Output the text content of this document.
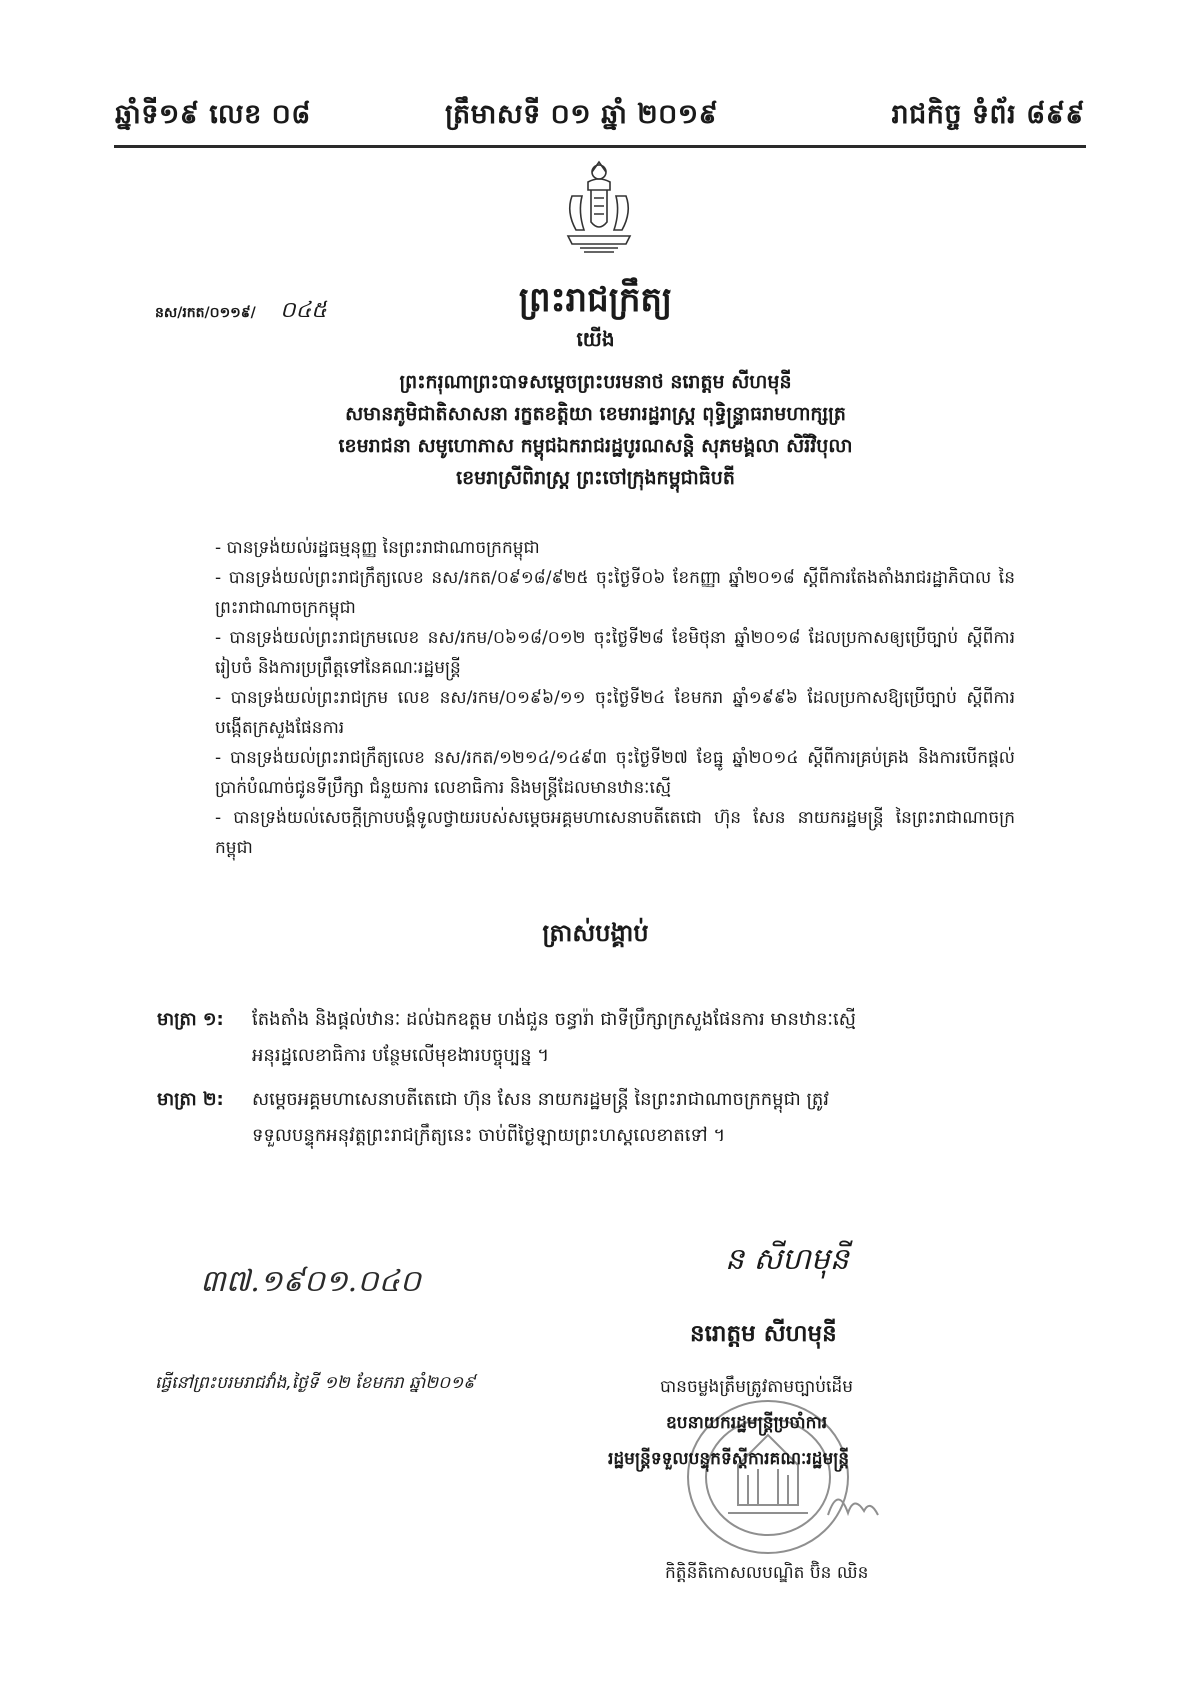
ឆ្នាំទី១៩ លេខ ០៨	ត្រឹមាសទី ០១ ឆ្នាំ ២០១៩	រាជកិច្ច ទំព័រ ៨៩៩
នស/រកត/០១១៩/ ០៤៥	ព្រះរាជក្រឹត្យ
យើង
ព្រះករុណាព្រះបាទសម្តេចព្រះបរមនាថ នរោត្តម សីហមុនី
សមានភូមិជាតិសាសនា រក្ខតខត្តិយា ខេមរារដ្ឋរាស្ត្រ ពុទ្ធិន្ទ្រាធរាមហាក្សត្រ
ខេមរាជនា សមូហោភាស កម្ពុជឯករាជរដ្ឋបូរណសន្តិ សុភមង្គលា សិរីវិបុលា
ខេមរាស្រីពិរាស្ត្រ ព្រះចៅក្រុងកម្ពុជាធិបតី

- បានទ្រង់យល់រដ្ឋធម្មនុញ្ញ នៃព្រះរាជាណាចក្រកម្ពុជា

- បានទ្រង់យល់ព្រះរាជក្រឹត្យលេខ នស/រកត/០៩១៨/៩២៥ ចុះថ្ងៃទី០៦ ខែកញ្ញា ឆ្នាំ២០១៨ ស្តីពីការតែងតាំងរាជរដ្ឋាភិបាល នៃព្រះរាជាណាចក្រកម្ពុជា

- បានទ្រង់យល់ព្រះរាជក្រមលេខ នស/រកម/០៦១៨/០១២ ចុះថ្ងៃទី២៨ ខែមិថុនា ឆ្នាំ២០១៨ ដែលប្រកាសឲ្យប្រើច្បាប់ ស្តីពីការរៀបចំ និងការប្រព្រឹត្តទៅនៃគណៈរដ្ឋមន្ត្រី

- បានទ្រង់យល់ព្រះរាជក្រម លេខ នស/រកម/០១៩៦/១១ ចុះថ្ងៃទី២៤ ខែមករា ឆ្នាំ១៩៩៦ ដែលប្រកាសឱ្យប្រើច្បាប់ ស្តីពីការបង្កើតក្រសួងផែនការ

- បានទ្រង់យល់ព្រះរាជក្រឹត្យលេខ នស/រកត/១២១៤/១៤៩៣ ចុះថ្ងៃទី២៧ ខែធ្នូ ឆ្នាំ២០១៤ ស្តីពីការគ្រប់គ្រង និងការបើកផ្តល់ប្រាក់បំណាច់ជូនទីប្រឹក្សា ជំនួយការ លេខាធិការ និងមន្ត្រីដែលមានឋានៈស្មើ

- បានទ្រង់យល់សេចក្តីក្រាបបង្គំទូលថ្វាយរបស់សម្តេចអគ្គមហាសេនាបតីតេជោ ហ៊ុន សែន នាយករដ្ឋមន្ត្រី នៃព្រះរាជាណាចក្រកម្ពុជា

ត្រាស់បង្គាប់
មាត្រា ១: តែងតាំង និងផ្តល់ឋានៈ ដល់ឯកឧត្តម ហង់ជួន ចន្ធារ៉ា ជាទីប្រឹក្សាក្រសួងផែនការ មានឋានៈស្មើ
អនុរដ្ឋលេខាធិការ បន្ថែមលើមុខងារបច្ចុប្បន្ន ។
មាត្រា ២: សម្តេចអគ្គមហាសេនាបតីតេជោ ហ៊ុន សែន នាយករដ្ឋមន្ត្រី នៃព្រះរាជាណាចក្រកម្ពុជា ត្រូវ
ទទួលបន្ទុកអនុវត្តព្រះរាជក្រឹត្យនេះ ចាប់ពីថ្ងៃឡាយព្រះហស្តលេខាតទៅ ។
៣៧.១៩០១.០៤០
ធ្វើនៅព្រះបរមរាជវាំង,ថ្ងៃទី ១២ ខែមករា ឆ្នាំ២០១៩
ន សីហមុនី
នរោត្តម សីហមុនី
បានចម្លងត្រឹមត្រូវតាមច្បាប់ដើម
ឧបនាយករដ្ឋមន្ត្រីប្រចាំការ
រដ្ឋមន្ត្រីទទួលបន្ទុកទីស្តីការគណៈរដ្ឋមន្ត្រី
កិត្តិនីតិកោសលបណ្ឌិត ប៊ិន ឈិន
